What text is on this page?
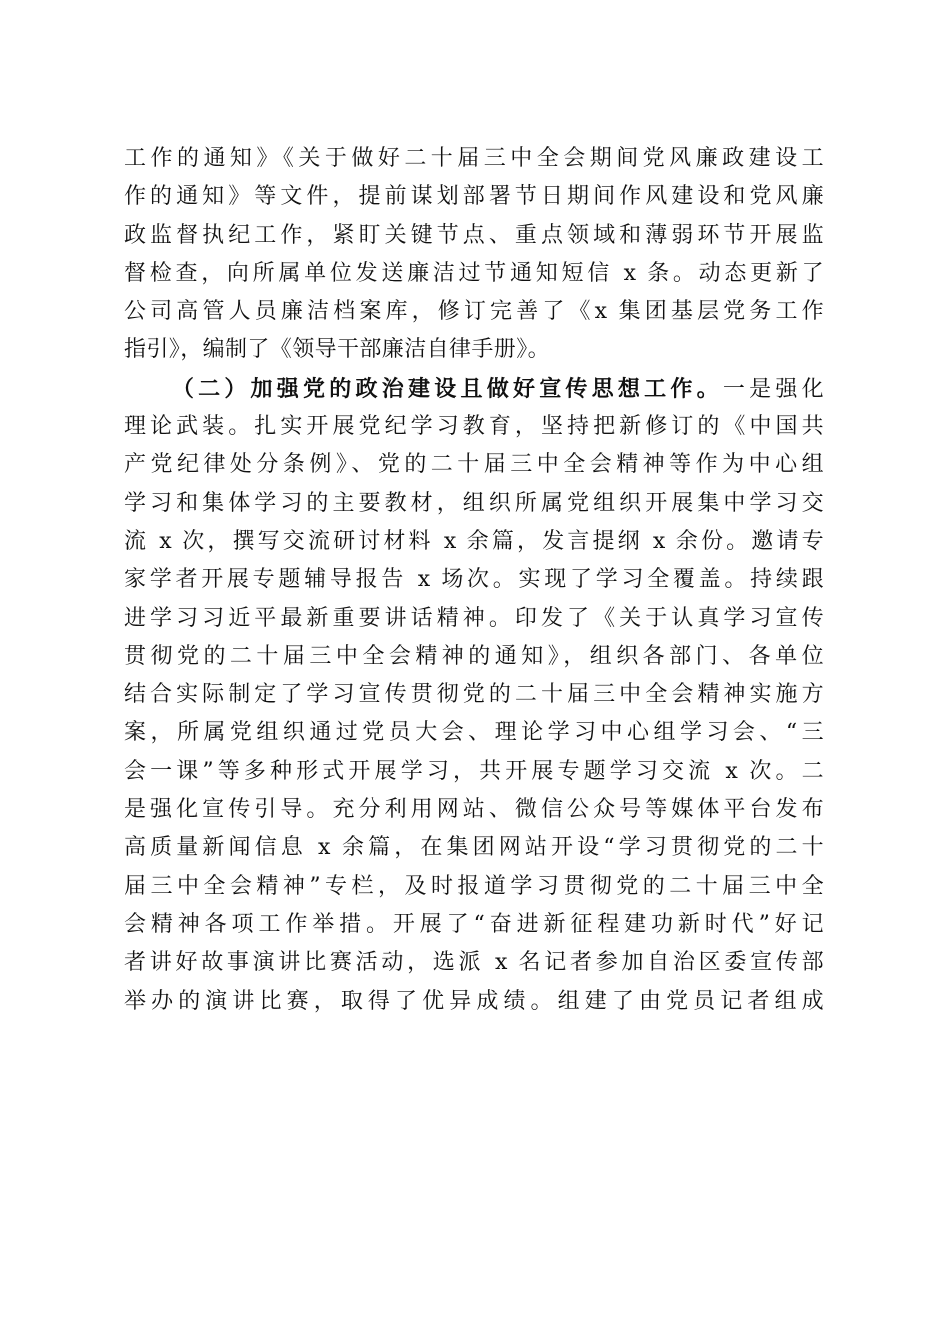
工作的通知》《关于做好二十届三中全会期间党风廉政建设工
作的通知》等文件，提前谋划部署节日期间作风建设和党风廉
政监督执纪工作，紧盯关键节点、重点领域和薄弱环节开展监
督检查，向所属单位发送廉洁过节通知短信 x 条。动态更新了
公司高管人员廉洁档案库，修订完善了《x 集团基层党务工作
指引》，编制了《领导干部廉洁自律手册》。
（二）加强党的政治建设且做好宣传思想工作。一是强化
理论武装。扎实开展党纪学习教育，坚持把新修订的《中国共
产党纪律处分条例》、党的二十届三中全会精神等作为中心组
学习和集体学习的主要教材，组织所属党组织开展集中学习交
流 x 次，撰写交流研讨材料 x 余篇，发言提纲 x 余份。邀请专
家学者开展专题辅导报告 x 场次。实现了学习全覆盖。持续跟
进学习习近平最新重要讲话精神。印发了《关于认真学习宣传
贯彻党的二十届三中全会精神的通知》，组织各部门、各单位
结合实际制定了学习宣传贯彻党的二十届三中全会精神实施方
案，所属党组织通过党员大会、理论学习中心组学习会、“三
会一课”等多种形式开展学习，共开展专题学习交流 x 次。二
是强化宣传引导。充分利用网站、微信公众号等媒体平台发布
高质量新闻信息 x 余篇，在集团网站开设“学习贯彻党的二十
届三中全会精神”专栏，及时报道学习贯彻党的二十届三中全
会精神各项工作举措。开展了“奋进新征程建功新时代”好记
者讲好故事演讲比赛活动，选派 x 名记者参加自治区委宣传部
举办的演讲比赛，取得了优异成绩。组建了由党员记者组成
